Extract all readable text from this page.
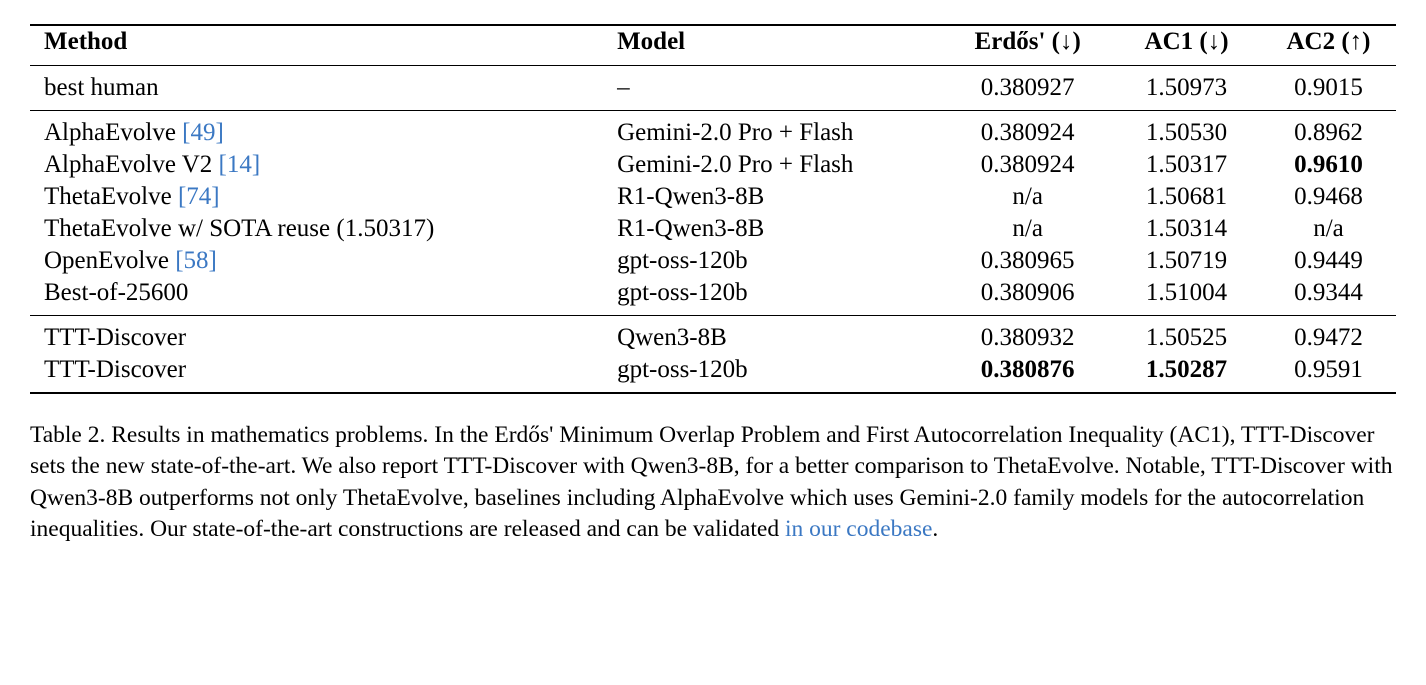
Method	Model	Erdős' (↓)	AC1 (↓)	AC2 (↑)
best human	–	0.380927	1.50973	0.9015
AlphaEvolve [49]	Gemini-2.0 Pro + Flash	0.380924	1.50530	0.8962
AlphaEvolve V2 [14]	Gemini-2.0 Pro + Flash	0.380924	1.50317	0.9610
ThetaEvolve [74]	R1-Qwen3-8B	n/a	1.50681	0.9468
ThetaEvolve w/ SOTA reuse (1.50317)	R1-Qwen3-8B	n/a	1.50314	n/a
OpenEvolve [58]	gpt-oss-120b	0.380965	1.50719	0.9449
Best-of-25600	gpt-oss-120b	0.380906	1.51004	0.9344
TTT-Discover	Qwen3-8B	0.380932	1.50525	0.9472
TTT-Discover	gpt-oss-120b	0.380876	1.50287	0.9591
Table 2. Results in mathematics problems. In the Erdős' Minimum Overlap Problem and First Autocorrelation Inequality (AC1), TTT-Discover sets the new state-of-the-art. We also report TTT-Discover with Qwen3-8B, for a better comparison to ThetaEvolve. Notable, TTT-Discover with Qwen3-8B outperforms not only ThetaEvolve, baselines including AlphaEvolve which uses Gemini-2.0 family models for the autocorrelation inequalities. Our state-of-the-art constructions are released and can be validated in our codebase.
